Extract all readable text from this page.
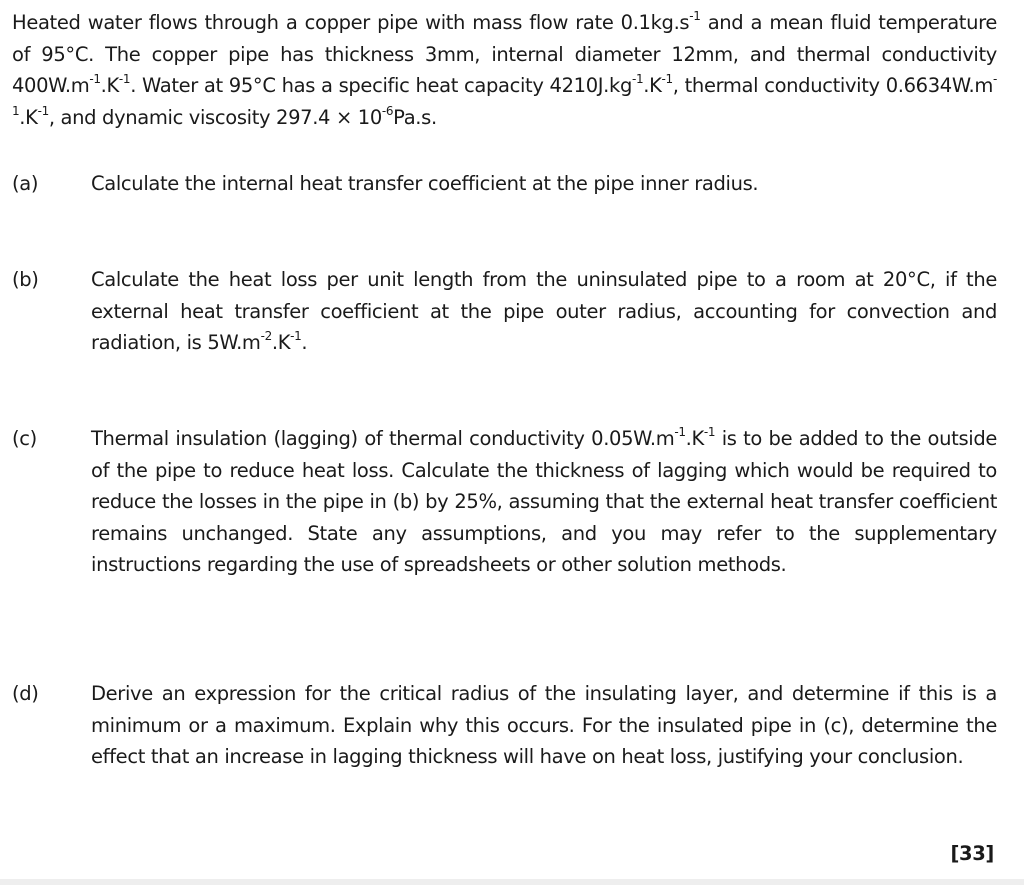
Heated water flows through a copper pipe with mass flow rate $0.1kg.s^{-1}$ and a mean fluid temperature of 95°C. The copper pipe has thickness 3mm, internal diameter 12mm, and thermal conductivity $400W.m^{-1}.K^{-1}$. Water at 95°C has a specific heat capacity $4210J.kg^{-1}.K^{-1}$, thermal conductivity $0.6634W.m^{-1}.K^{-1}$, and dynamic viscosity $297.4 \times 10^{-6}Pa.s$.
(a)	Calculate the internal heat transfer coefficient at the pipe inner radius.
(b)	Calculate the heat loss per unit length from the uninsulated pipe to a room at 20°C, if the external heat transfer coefficient at the pipe outer radius, accounting for convection and radiation, is $5W.m^{-2}.K^{-1}$.
(c)	Thermal insulation (lagging) of thermal conductivity $0.05W.m^{-1}.K^{-1}$ is to be added to the outside of the pipe to reduce heat loss. Calculate the thickness of lagging which would be required to reduce the losses in the pipe in (b) by 25%, assuming that the external heat transfer coefficient remains unchanged. State any assumptions, and you may refer to the supplementary instructions regarding the use of spreadsheets or other solution methods.
(d)	Derive an expression for the critical radius of the insulating layer, and determine if this is a minimum or a maximum. Explain why this occurs. For the insulated pipe in (c), determine the effect that an increase in lagging thickness will have on heat loss, justifying your conclusion.
[33]
